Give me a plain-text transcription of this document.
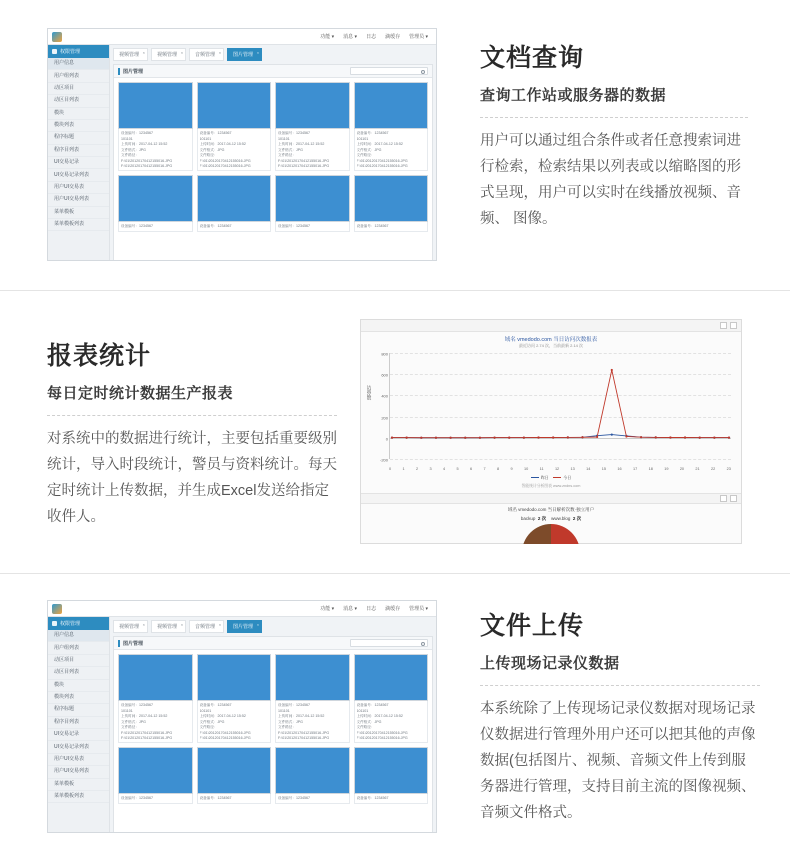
功能 ▾ 消息 ▾ 日志 滴缓存 管理员 ▾
权限管理
用户信息
用户组列表
动区项目
动区目列表
模块
模块列表
程序标题
程序目列表
UI交易记录
UI交易记录列表
用户UI交易表
用户UI交易列表
菜单模板
菜单模板列表
视频管理 ×	视频管理 ×	音频管理 ×	图片管理 ×
图片管理
设备编号：1234567
101101
上传时间：2017-04-12 15:52
文件格式：JPG
文件路径：
F:\01\20120170412155016.JPG
F:\01\20120170412155016.JPG
设备编号：1234567
101101
上传时间：2017-04-12 15:52
文件格式：JPG
文件路径：
F:\01\20120170412155016.JPG
F:\01\20120170412155016.JPG
设备编号：1234567
101101
上传时间：2017-04-12 15:52
文件格式：JPG
文件路径：
F:\01\20120170412155016.JPG
F:\01\20120170412155016.JPG
设备编号：1234567
101101
上传时间：2017-04-12 15:52
文件格式：JPG
文件路径：
F:\01\20120170412155016.JPG
F:\01\20120170412155016.JPG
设备编号：1234567	设备编号：1234567	设备编号：1234567	设备编号：1234567
文档查询
查询工作站或服务器的数据

用户可以通过组合条件或者任意搜索词进行检索，检索结果以列表或以缩略图的形式呈现，用户可以实时在线播放视频、音频、 图像。

报表统计
每日定时统计数据生产报表

对系统中的数据进行统计，主要包括重要级别统计，导入时段统计，警员与资料统计。每天定时统计上传数据，并生成Excel发送给指定收件人。

域名 vmedodo.com 当日访问次数报表
最近访问 2.74 次，当前最新 2.14 次
访问次数
800
600
400
200
0
-200
0	1	2	3	4	5	6	7	8	9	10	11	12	13	14	15	16	17	18	19	20	21	22	23
昨日	今日
智能统计分析图表 www.zndns.com
域名 vmedodo.com 当日解析次数·独立用户
backup 2 次 www.blog 2 次
功能 ▾ 消息 ▾ 日志 滴缓存 管理员 ▾
权限管理
用户信息
用户组列表
动区项目
动区目列表
模块
模块列表
程序标题
程序目列表
UI交易记录
UI交易记录列表
用户UI交易表
用户UI交易列表
菜单模板
菜单模板列表
视频管理 ×	视频管理 ×	音频管理 ×	图片管理 ×
图片管理
设备编号：1234567
101101
上传时间：2017-04-12 15:52
文件格式：JPG
文件路径：
F:\01\20120170412155016.JPG
F:\01\20120170412155016.JPG
设备编号：1234567
101101
上传时间：2017-04-12 15:52
文件格式：JPG
文件路径：
F:\01\20120170412155016.JPG
F:\01\20120170412155016.JPG
设备编号：1234567
101101
上传时间：2017-04-12 15:52
文件格式：JPG
文件路径：
F:\01\20120170412155016.JPG
F:\01\20120170412155016.JPG
设备编号：1234567
101101
上传时间：2017-04-12 15:52
文件格式：JPG
文件路径：
F:\01\20120170412155016.JPG
F:\01\20120170412155016.JPG
设备编号：1234567	设备编号：1234567	设备编号：1234567	设备编号：1234567
文件上传
上传现场记录仪数据

本系统除了上传现场记录仪数据对现场记录仪数据进行管理外用户还可以把其他的声像数据(包括图片、视频、音频文件上传到服务器进行管理，支持目前主流的图像视频、音频文件格式。
